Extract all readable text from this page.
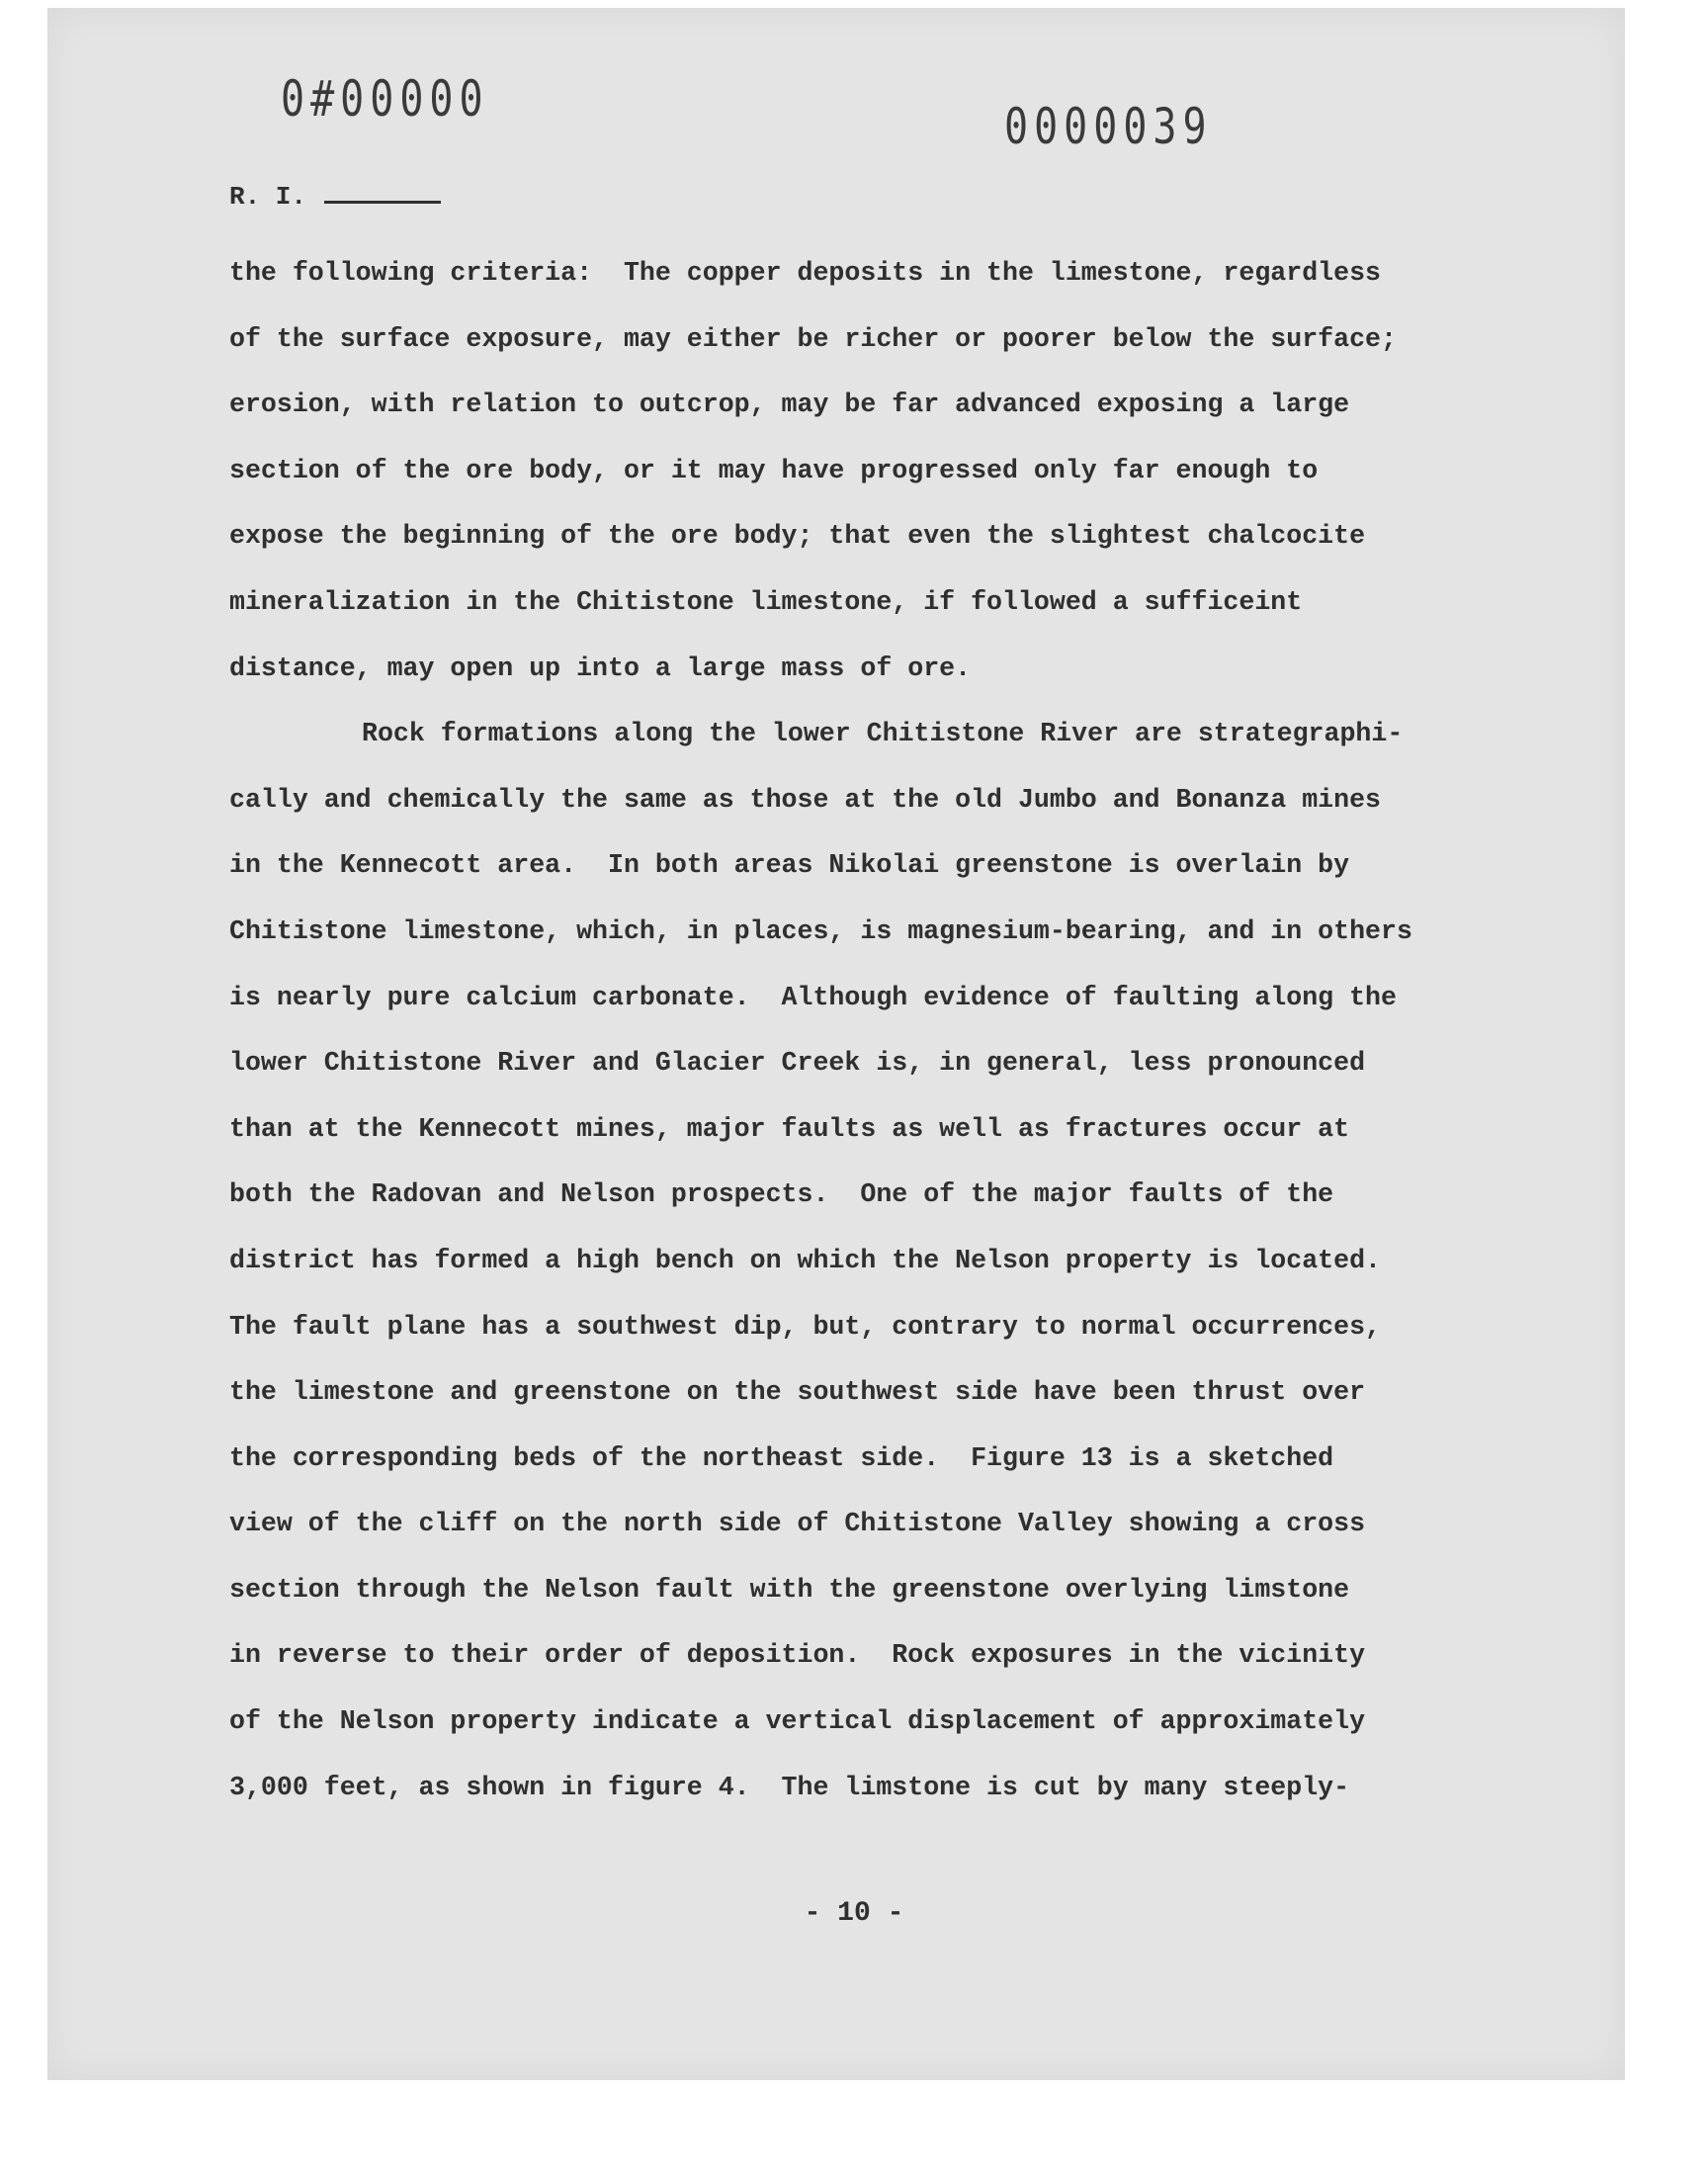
0#00000	0000039
R. I.
the following criteria:  The copper deposits in the limestone, regardless
of the surface exposure, may either be richer or poorer below the surface;
erosion, with relation to outcrop, may be far advanced exposing a large
section of the ore body, or it may have progressed only far enough to
expose the beginning of the ore body; that even the slightest chalcocite
mineralization in the Chitistone limestone, if followed a sufficeint
distance, may open up into a large mass of ore.
Rock formations along the lower Chitistone River are strategraphi-
cally and chemically the same as those at the old Jumbo and Bonanza mines
in the Kennecott area.  In both areas Nikolai greenstone is overlain by
Chitistone limestone, which, in places, is magnesium-bearing, and in others
is nearly pure calcium carbonate.  Although evidence of faulting along the
lower Chitistone River and Glacier Creek is, in general, less pronounced
than at the Kennecott mines, major faults as well as fractures occur at
both the Radovan and Nelson prospects.  One of the major faults of the
district has formed a high bench on which the Nelson property is located.
The fault plane has a southwest dip, but, contrary to normal occurrences,
the limestone and greenstone on the southwest side have been thrust over
the corresponding beds of the northeast side.  Figure 13 is a sketched
view of the cliff on the north side of Chitistone Valley showing a cross
section through the Nelson fault with the greenstone overlying limstone
in reverse to their order of deposition.  Rock exposures in the vicinity
of the Nelson property indicate a vertical displacement of approximately
3,000 feet, as shown in figure 4.  The limstone is cut by many steeply-
- 10 -
